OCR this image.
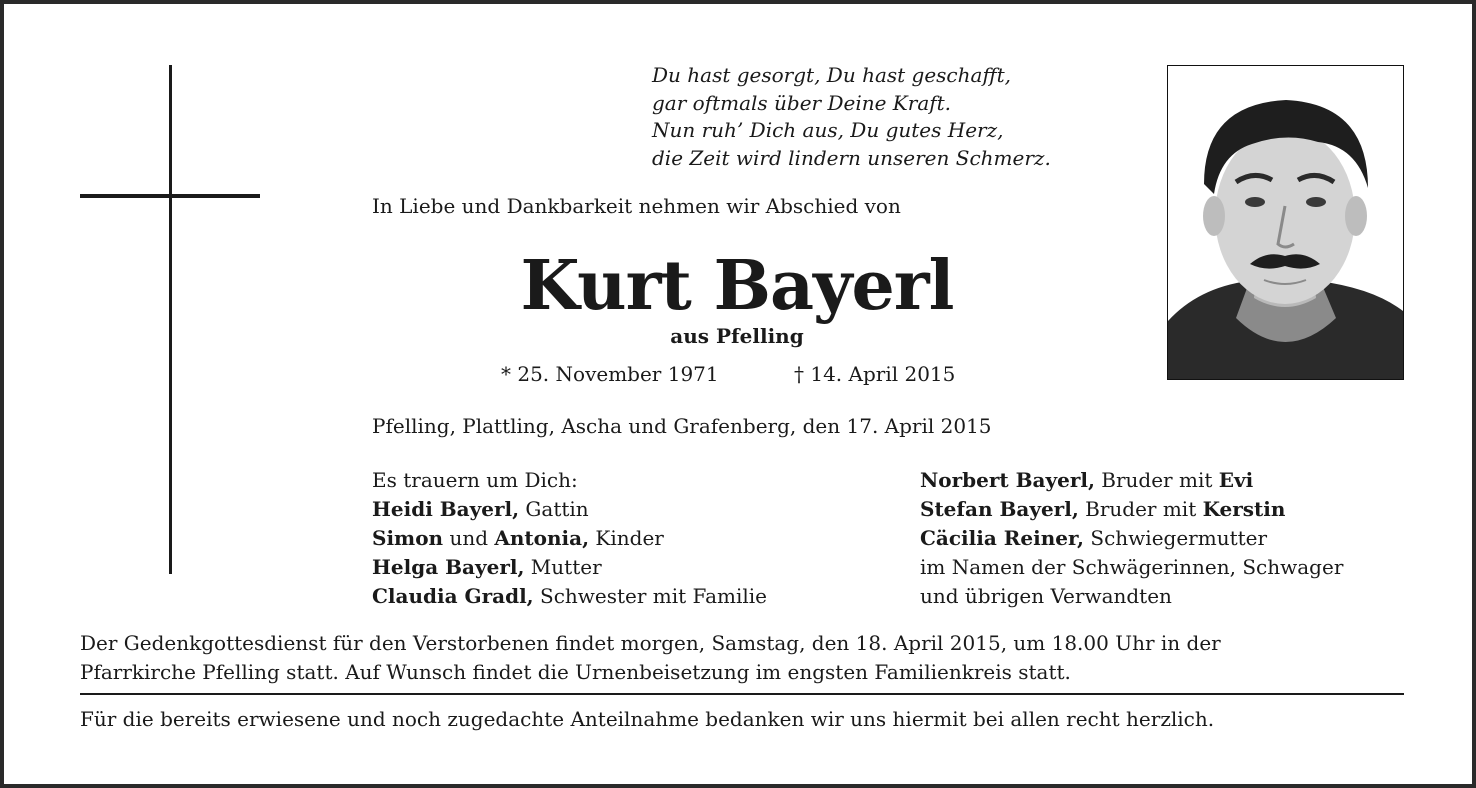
Du hast gesorgt, Du hast geschafft,
gar oftmals über Deine Kraft.
Nun ruh’ Dich aus, Du gutes Herz,
die Zeit wird lindern unseren Schmerz.
In Liebe und Dankbarkeit nehmen wir Abschied von
Kurt Bayerl
aus Pfelling
* 25. November 1971	† 14. April 2015
Pfelling, Plattling, Ascha und Grafenberg, den 17. April 2015
Es trauern um Dich:
Heidi Bayerl, Gattin
Simon und Antonia, Kinder
Helga Bayerl, Mutter
Claudia Gradl, Schwester mit Familie
Norbert Bayerl, Bruder mit Evi
Stefan Bayerl, Bruder mit Kerstin
Cäcilia Reiner, Schwiegermutter
im Namen der Schwägerinnen, Schwager
und übrigen Verwandten
Der Gedenkgottesdienst für den Verstorbenen findet morgen, Samstag, den 18. April 2015, um 18.00 Uhr in der
Pfarrkirche Pfelling statt. Auf Wunsch findet die Urnenbeisetzung im engsten Familienkreis statt.
Für die bereits erwiesene und noch zugedachte Anteilnahme bedanken wir uns hiermit bei allen recht herzlich.
